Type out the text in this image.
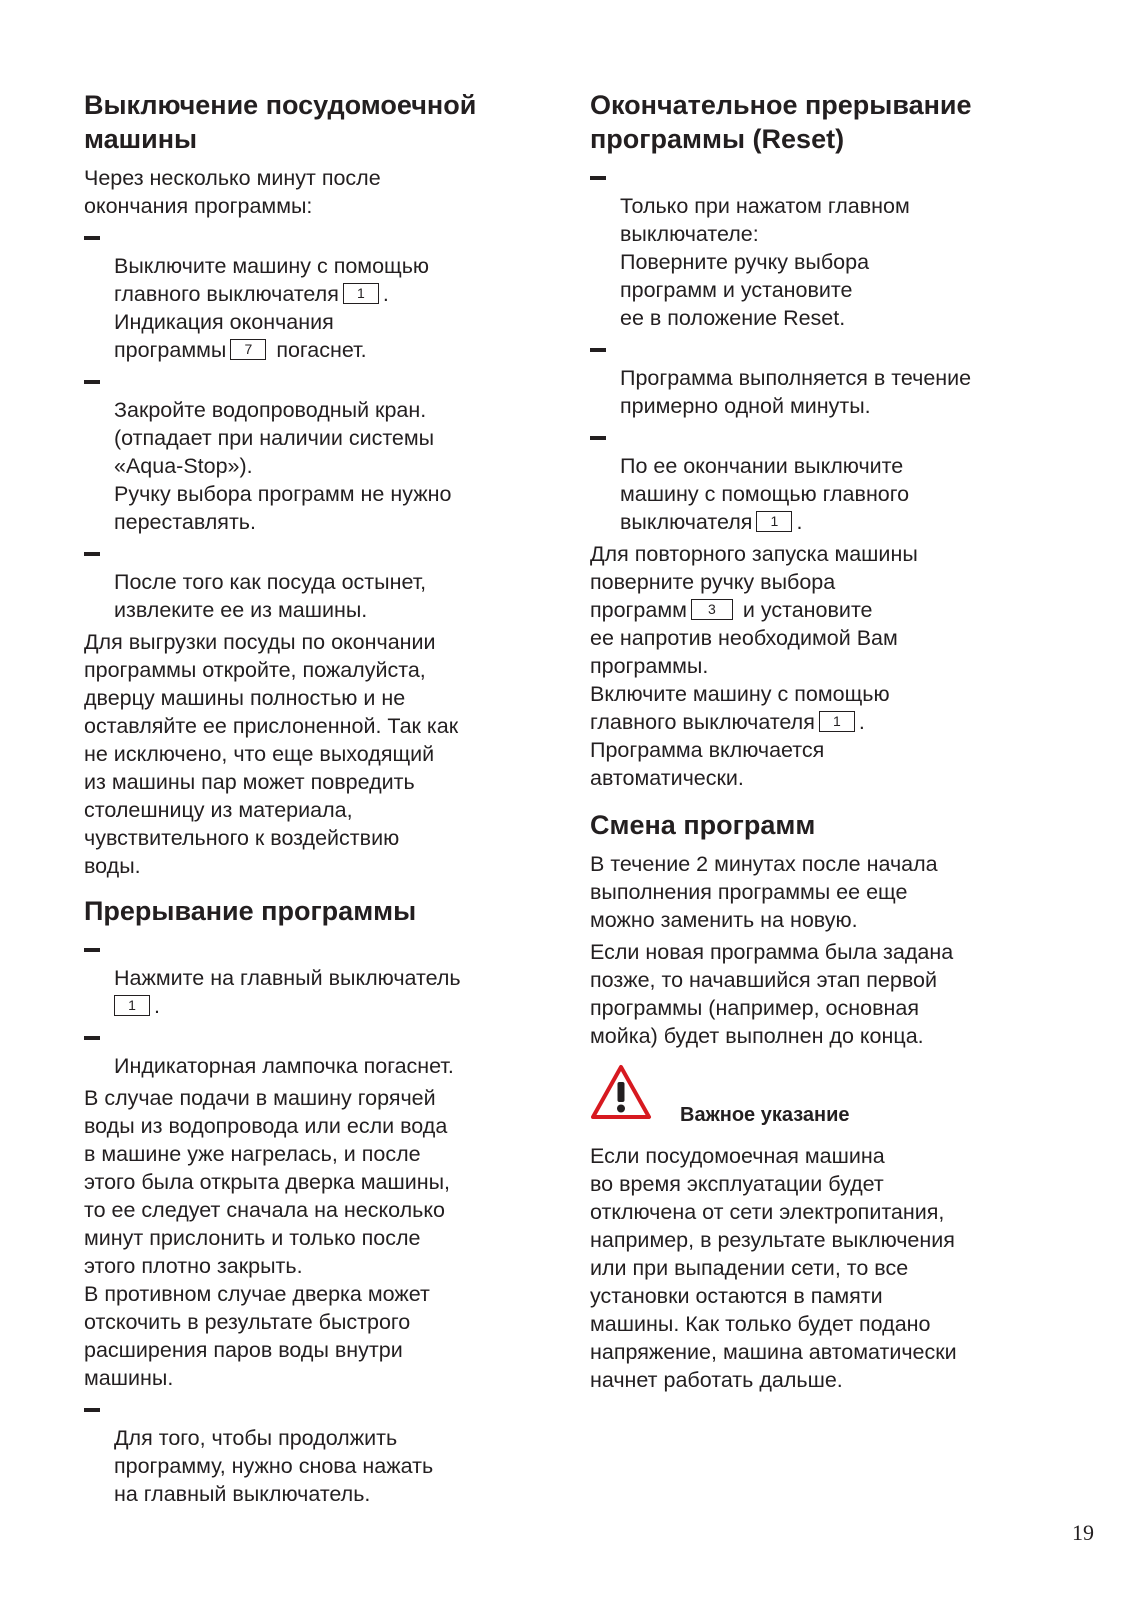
Выключение посудомоечной машины
Через несколько минут после
окончания программы:

Выключите машину с помощью
главного выключателя 1 .
Индикация окончания
программы 7 погаснет.

Закройте водопроводный кран.
(отпадает при наличии системы
«Aqua-Stop»).
Ручку выбора программ не нужно
переставлять.

После того как посуда остынет,
извлеките ее из машины.

Для выгрузки посуды по окончании
программы откройте, пожалуйста,
дверцу машины полностью и не
оставляйте ее прислоненной. Так как
не исключено, что еще выходящий
из машины пар может повредить
столешницу из материала,
чувствительного к воздействию
воды.
Прерывание программы

Нажмите на главный выключатель
1 .

Индикаторная лампочка погаснет.

В случае подачи в машину горячей
воды из водопровода или если вода
в машине уже нагрелась, и после
этого была открыта дверка машины,
то ее следует сначала на несколько
минут прислонить и только после
этого плотно закрыть.
В противном случае дверка может
отскочить в результате быстрого
расширения паров воды внутри
машины.

Для того, чтобы продолжить
программу, нужно снова нажать
на главный выключатель.

Окончательное прерывание программы (Reset)

Только при нажатом главном
выключателе:
Поверните ручку выбора
программ и установите
ее в положение Reset.

Программа выполняется в течение
примерно одной минуты.

По ее окончании выключите
машину с помощью главного
выключателя 1 .

Для повторного запуска машины
поверните ручку выбора
программ 3 и установите
ее напротив необходимой Вам
программы.
Включите машину с помощью
главного выключателя 1 .
Программа включается
автоматически.
Смена программ
В течение 2 минутах после начала
выполнения программы ее еще
можно заменить на новую.
Если новая программа была задана
позже, то начавшийся этап первой
программы (например, основная
мойка) будет выполнен до конца.
Важное указание
Если посудомоечная машина
во время эксплуатации будет
отключена от сети электропитания,
например, в результате выключения
или при выпадении сети, то все
установки остаются в памяти
машины. Как только будет подано
напряжение, машина автоматически
начнет работать дальше.
19
